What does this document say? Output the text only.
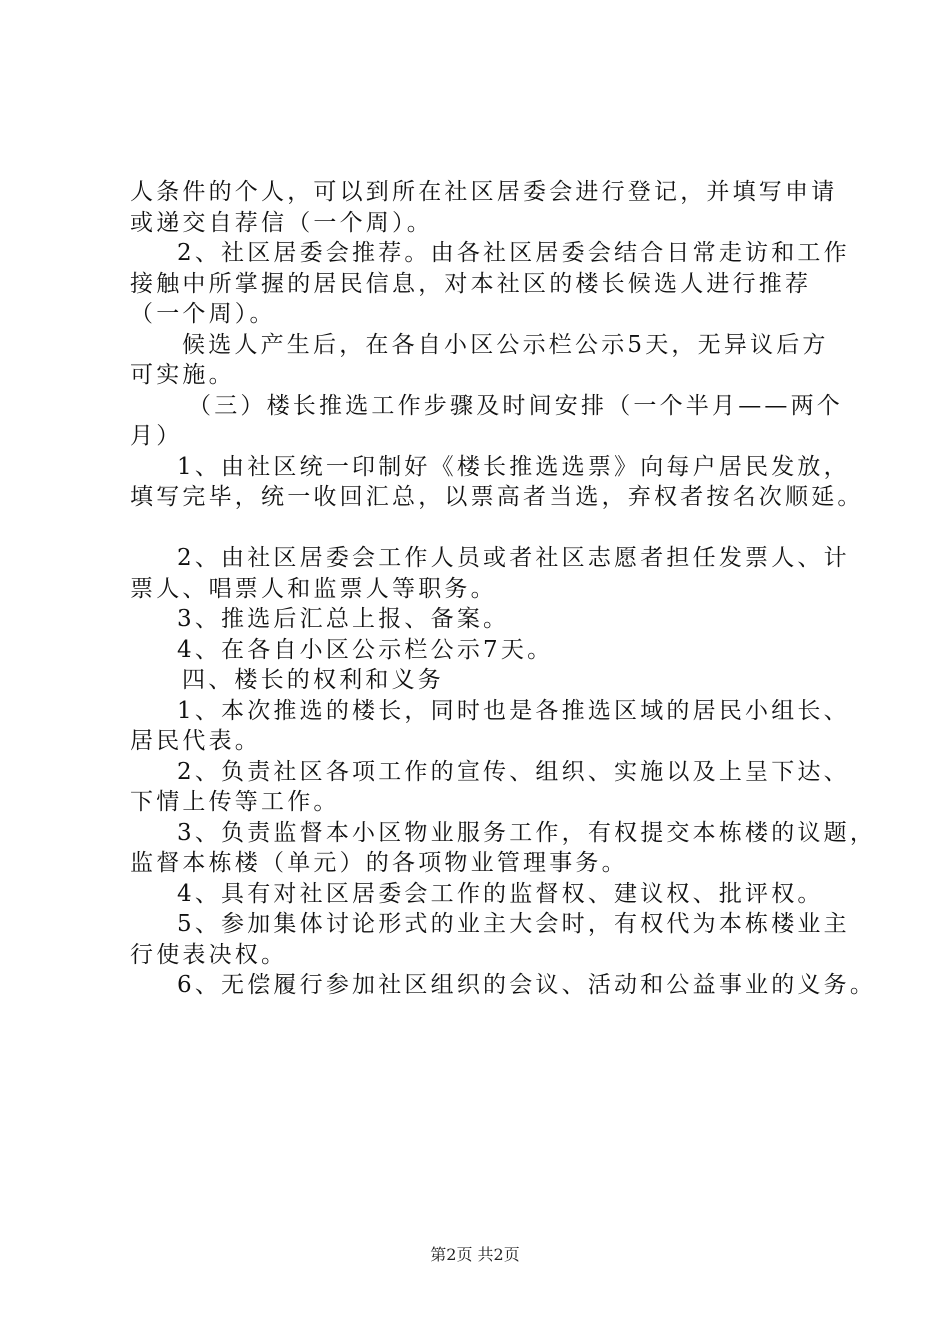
人条件的个人，可以到所在社区居委会进行登记，并填写申请
或递交自荐信（一个周）。
2、社区居委会推荐。由各社区居委会结合日常走访和工作
接触中所掌握的居民信息，对本社区的楼长候选人进行推荐
（一个周）。
候选人产生后，在各自小区公示栏公示5天，无异议后方
可实施。
（三）楼长推选工作步骤及时间安排（一个半月——两个
月）
1、由社区统一印制好《楼长推选选票》向每户居民发放，
填写完毕，统一收回汇总，以票高者当选，弃权者按名次顺延。
2、由社区居委会工作人员或者社区志愿者担任发票人、计
票人、唱票人和监票人等职务。
3、推选后汇总上报、备案。
4、在各自小区公示栏公示7天。
四、楼长的权利和义务
1、本次推选的楼长，同时也是各推选区域的居民小组长、
居民代表。
2、负责社区各项工作的宣传、组织、实施以及上呈下达、
下情上传等工作。
3、负责监督本小区物业服务工作，有权提交本栋楼的议题，
监督本栋楼（单元）的各项物业管理事务。
4、具有对社区居委会工作的监督权、建议权、批评权。
5、参加集体讨论形式的业主大会时，有权代为本栋楼业主
行使表决权。
6、无偿履行参加社区组织的会议、活动和公益事业的义务。
第2页 共2页
